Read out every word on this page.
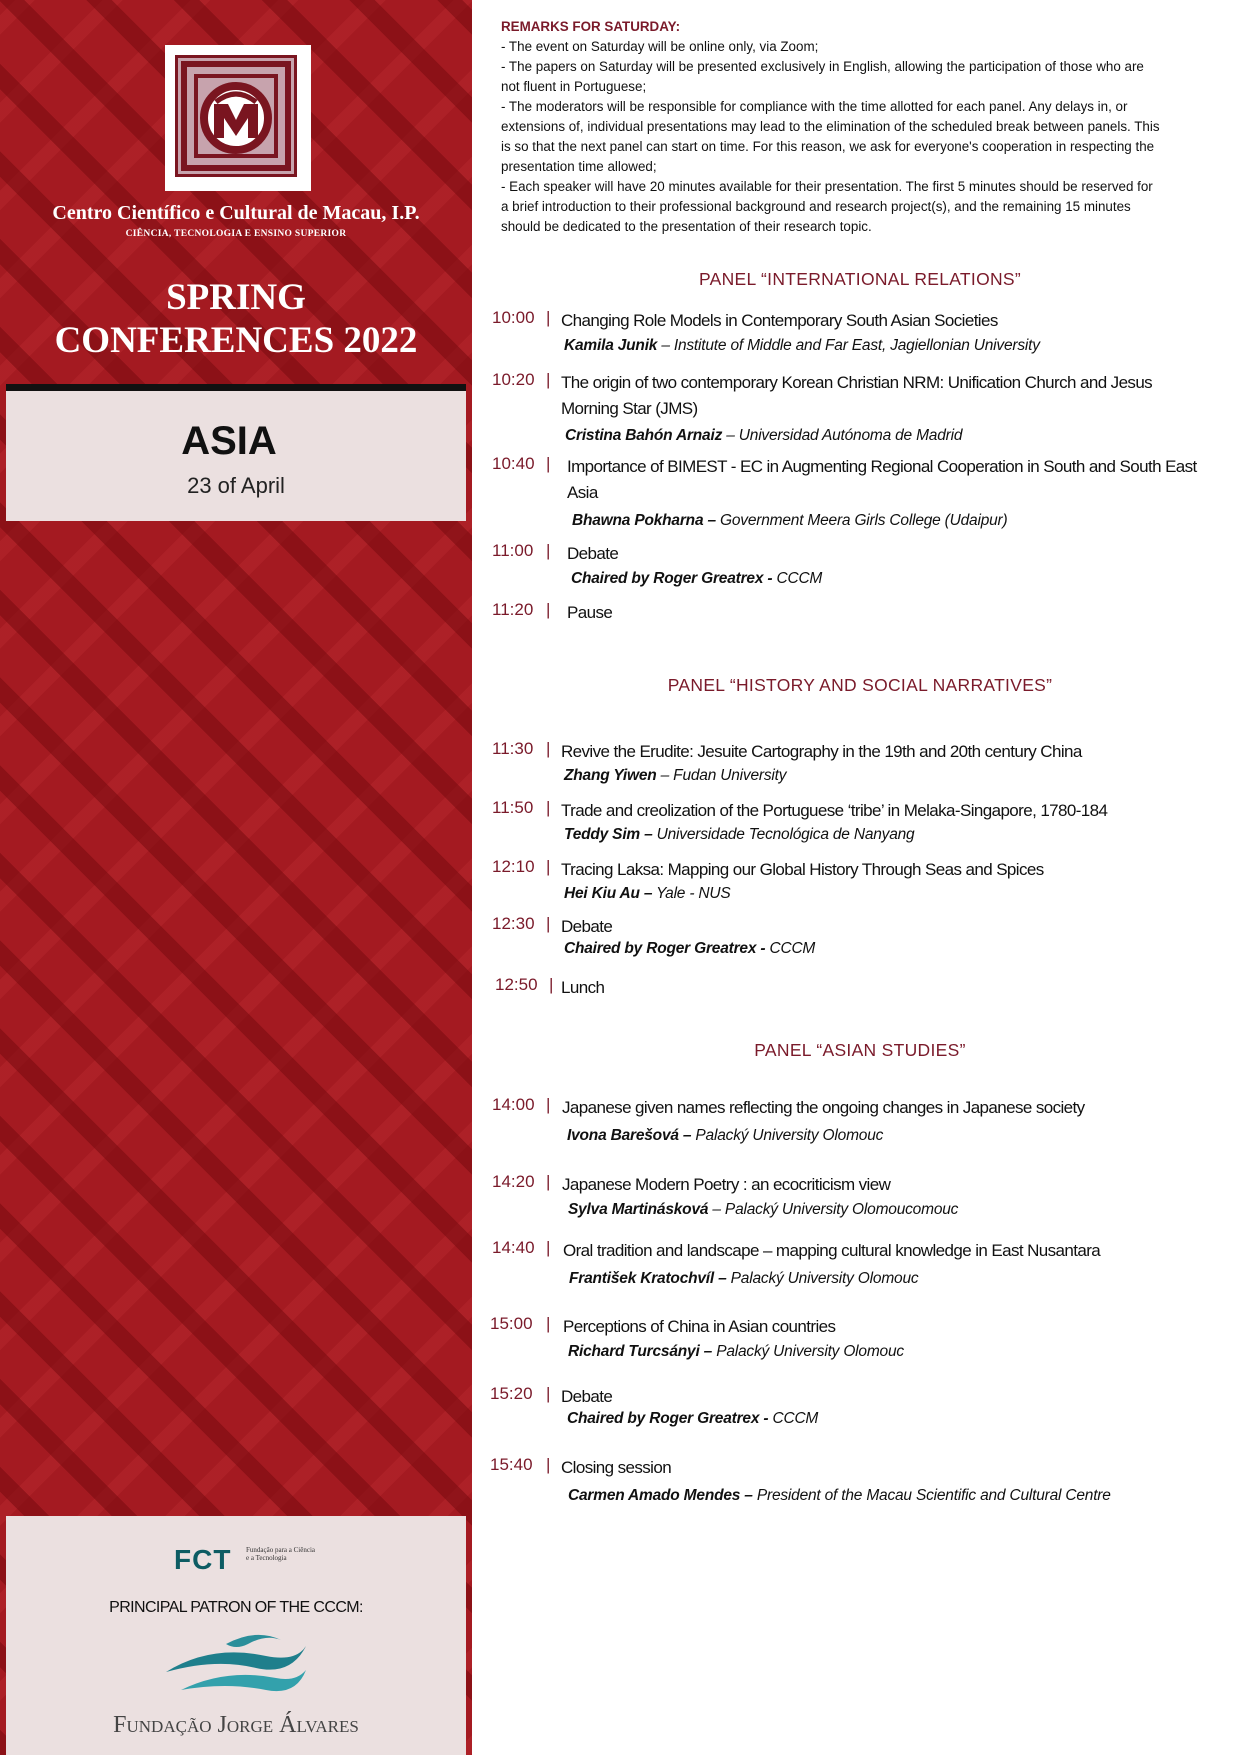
Centro Científico e Cultural de Macau, I.P.
CIÊNCIA, TECNOLOGIA E ENSINO SUPERIOR
SPRING
CONFERENCES 2022
ASIA
23 of April
FCT Fundação para a Ciência e a Tecnologia
PRINCIPAL PATRON OF THE CCCM:
Fundação Jorge Álvares
REMARKS FOR SATURDAY:
- The event on Saturday will be online only, via Zoom;
- The papers on Saturday will be presented exclusively in English, allowing the participation of those who are not fluent in Portuguese;
- The moderators will be responsible for compliance with the time allotted for each panel. Any delays in, or extensions of, individual presentations may lead to the elimination of the scheduled break between panels. This is so that the next panel can start on time. For this reason, we ask for everyone's cooperation in respecting the presentation time allowed;
- Each speaker will have 20 minutes available for their presentation. The first 5 minutes should be reserved for a brief introduction to their professional background and research project(s), and the remaining 15 minutes should be dedicated to the presentation of their research topic.
PANEL “INTERNATIONAL RELATIONS”
10:00 | Changing Role Models in Contemporary South Asian Societies
Kamila Junik – Institute of Middle and Far East, Jagiellonian University
10:20 | The origin of two contemporary Korean Christian NRM: Unification Church and Jesus Morning Star (JMS)
Cristina Bahón Arnaiz – Universidad Autónoma de Madrid
10:40 | Importance of BIMEST - EC in Augmenting Regional Cooperation in South and South East Asia
Bhawna Pokharna – Government Meera Girls College (Udaipur)
11:00 | Debate
Chaired by Roger Greatrex - CCCM
11:20 | Pause
PANEL “HISTORY AND SOCIAL NARRATIVES”
11:30 | Revive the Erudite: Jesuite Cartography in the 19th and 20th century China
Zhang Yiwen – Fudan University
11:50 | Trade and creolization of the Portuguese ‘tribe’ in Melaka-Singapore, 1780-184
Teddy Sim – Universidade Tecnológica de Nanyang
12:10 | Tracing Laksa: Mapping our Global History Through Seas and Spices
Hei Kiu Au – Yale - NUS
12:30 | Debate
Chaired by Roger Greatrex - CCCM
12:50 | Lunch
PANEL “ASIAN STUDIES”
14:00 | Japanese given names reflecting the ongoing changes in Japanese society
Ivona Barešová – Palacký University Olomouc
14:20 | Japanese Modern Poetry : an ecocriticism view
Sylva Martinásková – Palacký University Olomoucomouc
14:40 | Oral tradition and landscape – mapping cultural knowledge in East Nusantara
František Kratochvíl – Palacký University Olomouc
15:00 | Perceptions of China in Asian countries
Richard Turcsányi – Palacký University Olomouc
15:20 | Debate
Chaired by Roger Greatrex - CCCM
15:40 | Closing session
Carmen Amado Mendes – President of the Macau Scientific and Cultural Centre
